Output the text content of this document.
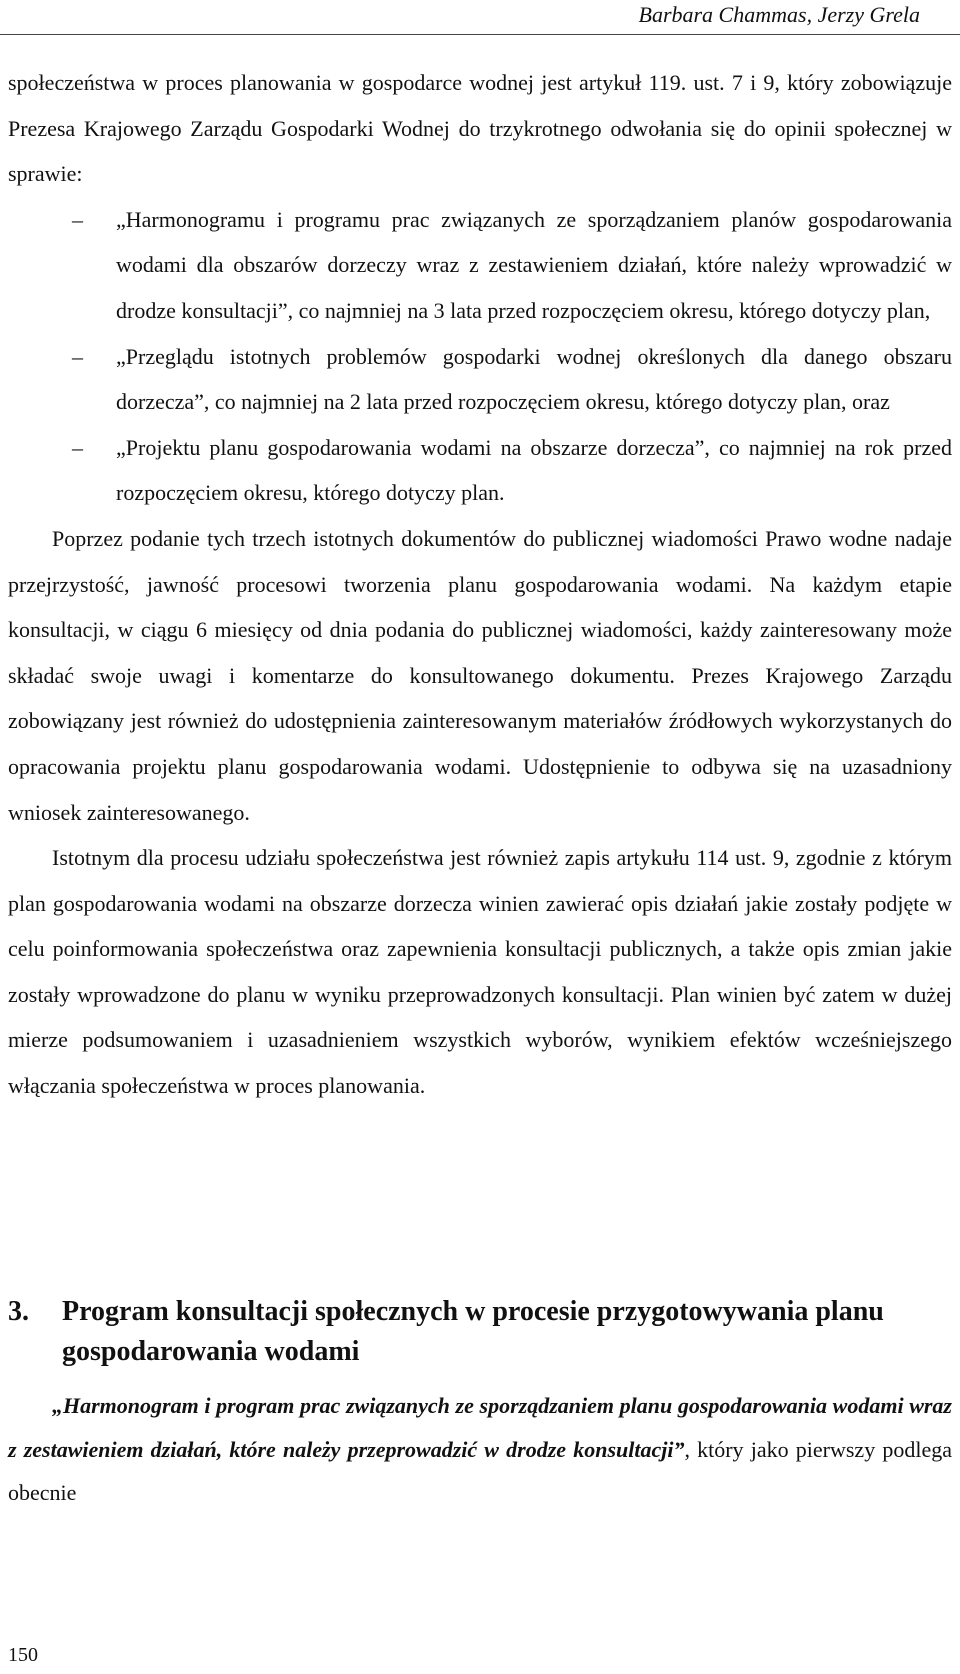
Barbara Chammas, Jerzy Grela

społeczeństwa w proces planowania w gospodarce wodnej jest artykuł 119. ust. 7 i 9, który zobowiązuje Prezesa Krajowego Zarządu Gospodarki Wodnej do trzykrotnego odwołania się do opinii społecznej w sprawie:

– „Harmonogramu i programu prac związanych ze sporządzaniem planów gospodarowania wodami dla obszarów dorzeczy wraz z zestawieniem działań, które należy wprowadzić w drodze konsultacji”, co najmniej na 3 lata przed rozpoczęciem okresu, którego dotyczy plan,
– „Przeglądu istotnych problemów gospodarki wodnej określonych dla danego obszaru dorzecza”, co najmniej na 2 lata przed rozpoczęciem okresu, którego dotyczy plan, oraz
– „Projektu planu gospodarowania wodami na obszarze dorzecza”, co najmniej na rok przed rozpoczęciem okresu, którego dotyczy plan.

Poprzez podanie tych trzech istotnych dokumentów do publicznej wiadomości Prawo wodne nadaje przejrzystość, jawność procesowi tworzenia planu gospodarowania wodami. Na każdym etapie konsultacji, w ciągu 6 miesięcy od dnia podania do publicznej wiadomości, każdy zainteresowany może składać swoje uwagi i komentarze do konsultowanego dokumentu. Prezes Krajowego Zarządu zobowiązany jest również do udostępnienia zainteresowanym materiałów źródłowych wykorzystanych do opracowania projektu planu gospodarowania wodami. Udostępnienie to odbywa się na uzasadniony wniosek zainteresowanego.

Istotnym dla procesu udziału społeczeństwa jest również zapis artykułu 114 ust. 9, zgodnie z którym plan gospodarowania wodami na obszarze dorzecza winien zawierać opis działań jakie zostały podjęte w celu poinformowania społeczeństwa oraz zapewnienia konsultacji publicznych, a także opis zmian jakie zostały wprowadzone do planu w wyniku przeprowadzonych konsultacji. Plan winien być zatem w dużej mierze podsumowaniem i uzasadnieniem wszystkich wyborów, wynikiem efektów wcześniejszego włączania społeczeństwa w proces planowania.

3.	Program konsultacji społecznych w procesie przygotowywania planu gospodarowania wodami

„Harmonogram i program prac związanych ze sporządzaniem planu gospodarowania wodami wraz z zestawieniem działań, które należy przeprowadzić w drodze konsultacji”, który jako pierwszy podlega obecnie

150
